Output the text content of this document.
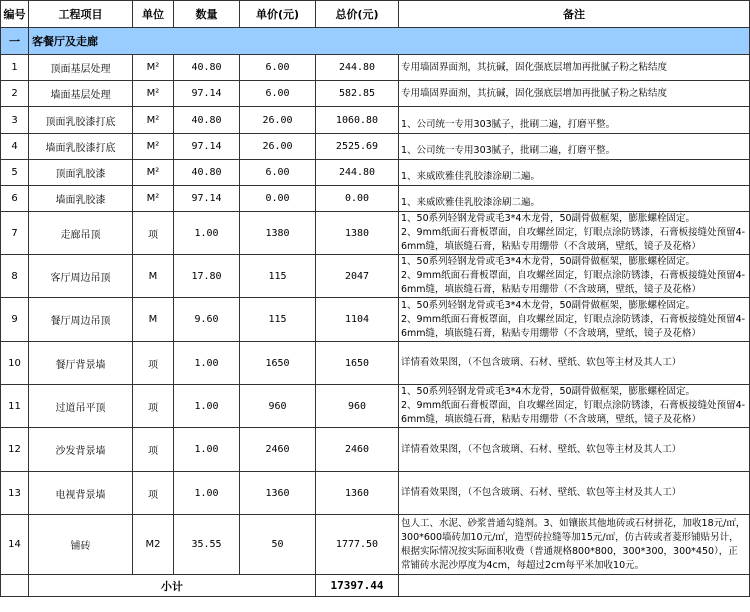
编号	工程项目	单位	数量	单价(元)	总价(元)	备注
一	客餐厅及走廊					
1	顶面基层处理	M²	40.80	6.00	244.80	专用墙固界面剂，其抗碱，固化强底层增加再批腻子粉之粘结度
2	墙面基层处理	M²	97.14	6.00	582.85	专用墙固界面剂，其抗碱，固化强底层增加再批腻子粉之粘结度
3	顶面乳胶漆打底	M²	40.80	26.00	1060.80	1、公司统一专用303腻子，批刷二遍，打磨平整。
4	墙面乳胶漆打底	M²	97.14	26.00	2525.69	1、公司统一专用303腻子，批刷二遍，打磨平整。
5	顶面乳胶漆	M²	40.80	6.00	244.80	1、来威欧雅佳乳胶漆涂刷二遍。
6	墙面乳胶漆	M²	97.14	0.00	0.00	1、来威欧雅佳乳胶漆涂刷二遍。
7	走廊吊顶	项	1.00	1380	1380	1、50系列轻钢龙骨或毛3*4木龙骨，50副骨做框架，膨胀螺栓固定。
2、9mm纸面石膏板罩面，自攻螺丝固定，钉眼点涂防锈漆，石膏板接缝处预留4-6mm缝，填嵌缝石膏，粘贴专用绷带（不含玻璃，壁纸，镜子及花格）
8	客厅周边吊顶	M	17.80	115	2047	1、50系列轻钢龙骨或毛3*4木龙骨，50副骨做框架，膨胀螺栓固定。
2、9mm纸面石膏板罩面，自攻螺丝固定，钉眼点涂防锈漆，石膏板接缝处预留4-6mm缝，填嵌缝石膏，粘贴专用绷带（不含玻璃，壁纸，镜子及花格）
9	餐厅周边吊顶	M	9.60	115	1104	1、50系列轻钢龙骨或毛3*4木龙骨，50副骨做框架，膨胀螺栓固定。
2、9mm纸面石膏板罩面，自攻螺丝固定，钉眼点涂防锈漆，石膏板接缝处预留4-6mm缝，填嵌缝石膏，粘贴专用绷带（不含玻璃，壁纸，镜子及花格）
10	餐厅背景墙	项	1.00	1650	1650	详情看效果图，（不包含玻璃、石材、壁纸、软包等主材及其人工）
11	过道吊平顶	项	1.00	960	960	1、50系列轻钢龙骨或毛3*4木龙骨，50副骨做框架，膨胀螺栓固定。
2、9mm纸面石膏板罩面，自攻螺丝固定，钉眼点涂防锈漆，石膏板接缝处预留4-6mm缝，填嵌缝石膏，粘贴专用绷带（不含玻璃，壁纸，镜子及花格）
12	沙发背景墙	项	1.00	2460	2460	详情看效果图，（不包含玻璃、石材、壁纸、软包等主材及其人工）
13	电视背景墙	项	1.00	1360	1360	详情看效果图，（不包含玻璃、石材、壁纸、软包等主材及其人工）
14	铺砖	M2	35.55	50	1777.50	包人工、水泥、砂浆普通勾缝剂。3、如镶嵌其他地砖或石材拼花，加收18元/㎡，300*600墙砖加10元/㎡，造型砖拉缝等加15元/㎡，仿古砖或者菱形铺贴另计，根据实际情况按实际面积收费（普通规格800*800，300*300，300*450），正常铺砖水泥沙厚度为4cm，每超过2cm每平米加收10元。
	小计				17397.44	
